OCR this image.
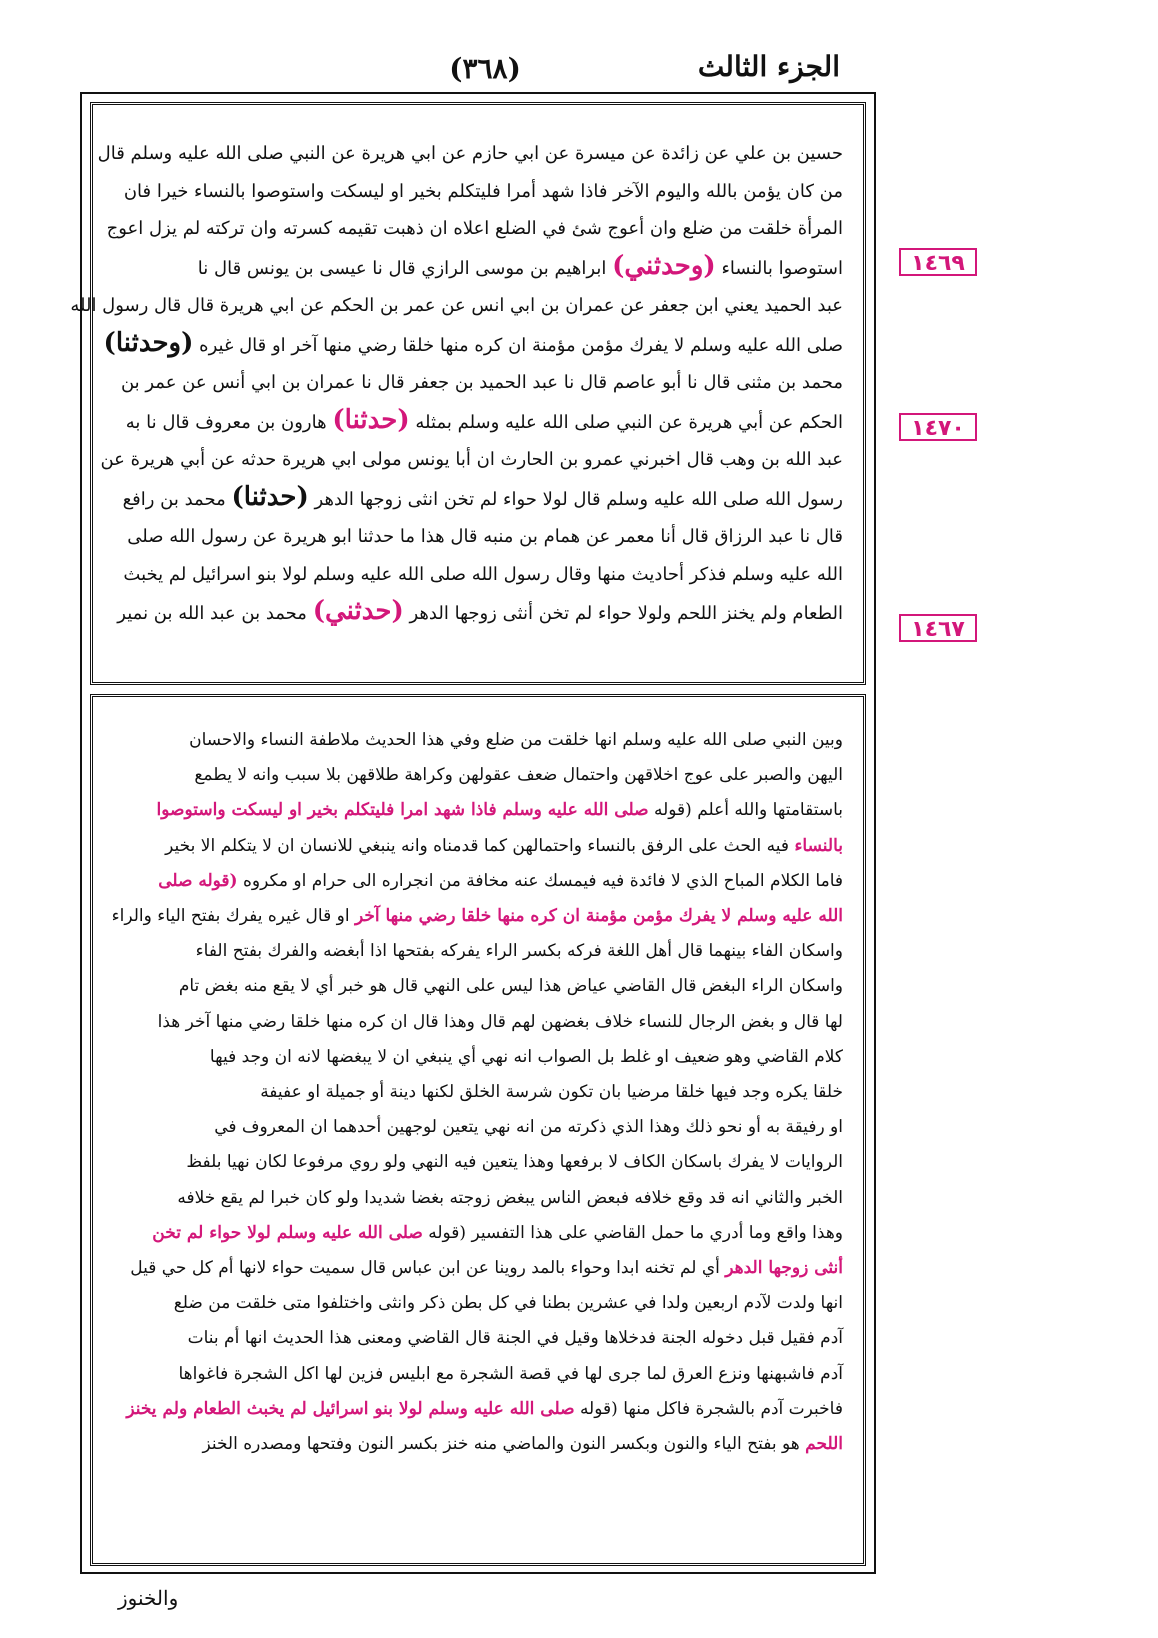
الجزء الثالث
(٣٦٨)
حسين بن علي عن زائدة عن ميسرة عن ابي حازم عن ابي هريرة عن النبي صلى الله عليه وسلم قال
من كان يؤمن بالله واليوم الآخر فاذا شهد أمرا فليتكلم بخير او ليسكت واستوصوا بالنساء خيرا فان
المرأة خلقت من ضلع وان أعوج شئ في الضلع اعلاه ان ذهبت تقيمه كسرته وان تركته لم يزل اعوج
استوصوا بالنساء (وحدثني) ابراهيم بن موسى الرازي قال نا عيسى بن يونس قال نا
عبد الحميد يعني ابن جعفر عن عمران بن ابي انس عن عمر بن الحكم عن ابي هريرة قال قال رسول الله
صلى الله عليه وسلم لا يفرك مؤمن مؤمنة ان كره منها خلقا رضي منها آخر او قال غيره (وحدثنا)
محمد بن مثنى قال نا أبو عاصم قال نا عبد الحميد بن جعفر قال نا عمران بن ابي أنس عن عمر بن
الحكم عن أبي هريرة عن النبي صلى الله عليه وسلم بمثله (حدثنا) هارون بن معروف قال نا به
عبد الله بن وهب قال اخبرني عمرو بن الحارث ان أبا يونس مولى ابي هريرة حدثه عن أبي هريرة عن
رسول الله صلى الله عليه وسلم قال لولا حواء لم تخن انثى زوجها الدهر (حدثنا) محمد بن رافع
قال نا عبد الرزاق قال أنا معمر عن همام بن منبه قال هذا ما حدثنا ابو هريرة عن رسول الله صلى
الله عليه وسلم فذكر أحاديث منها وقال رسول الله صلى الله عليه وسلم لولا بنو اسرائيل لم يخبث
الطعام ولم يخنز اللحم ولولا حواء لم تخن أنثى زوجها الدهر (حدثني) محمد بن عبد الله بن نمير
وبين النبي صلى الله عليه وسلم انها خلقت من ضلع وفي هذا الحديث ملاطفة النساء والاحسان
اليهن والصبر على عوج اخلاقهن واحتمال ضعف عقولهن وكراهة طلاقهن بلا سبب وانه لا يطمع
باستقامتها والله أعلم (قوله صلى الله عليه وسلم فاذا شهد امرا فليتكلم بخير او ليسكت واستوصوا
بالنساء فيه الحث على الرفق بالنساء واحتمالهن كما قدمناه وانه ينبغي للانسان ان لا يتكلم الا بخير
فاما الكلام المباح الذي لا فائدة فيه فيمسك عنه مخافة من انجراره الى حرام او مكروه (قوله صلى
الله عليه وسلم لا يفرك مؤمن مؤمنة ان كره منها خلقا رضي منها آخر او قال غيره يفرك بفتح الياء والراء
واسكان الفاء بينهما قال أهل اللغة فركه بكسر الراء يفركه بفتحها اذا أبغضه والفرك بفتح الفاء
واسكان الراء البغض قال القاضي عياض هذا ليس على النهي قال هو خبر أي لا يقع منه بغض تام
لها قال و بغض الرجال للنساء خلاف بغضهن لهم قال وهذا قال ان كره منها خلقا رضي منها آخر هذا
كلام القاضي وهو ضعيف او غلط بل الصواب انه نهي أي ينبغي ان لا يبغضها لانه ان وجد فيها
خلقا يكره وجد فيها خلقا مرضيا بان تكون شرسة الخلق لكنها دينة أو جميلة او عفيفة
او رفيقة به أو نحو ذلك وهذا الذي ذكرته من انه نهي يتعين لوجهين أحدهما ان المعروف في
الروايات لا يفرك باسكان الكاف لا برفعها وهذا يتعين فيه النهي ولو روي مرفوعا لكان نهيا بلفظ
الخبر والثاني انه قد وقع خلافه فبعض الناس يبغض زوجته بغضا شديدا ولو كان خبرا لم يقع خلافه
وهذا واقع وما أدري ما حمل القاضي على هذا التفسير (قوله صلى الله عليه وسلم لولا حواء لم تخن
أنثى زوجها الدهر أي لم تخنه ابدا وحواء بالمد روينا عن ابن عباس قال سميت حواء لانها أم كل حي قيل
انها ولدت لآدم اربعين ولدا في عشرين بطنا في كل بطن ذكر وانثى واختلفوا متى خلقت من ضلع
آدم فقيل قبل دخوله الجنة فدخلاها وقيل في الجنة قال القاضي ومعنى هذا الحديث انها أم بنات
آدم فاشبهنها ونزع العرق لما جرى لها في قصة الشجرة مع ابليس فزين لها اكل الشجرة فاغواها
فاخبرت آدم بالشجرة فاكل منها (قوله صلى الله عليه وسلم لولا بنو اسرائيل لم يخبث الطعام ولم يخنز
اللحم هو بفتح الياء والنون وبكسر النون والماضي منه خنز بكسر النون وفتحها ومصدره الخنز
١٤٦٩
١٤٧٠
١٤٦٧
والخنوز
